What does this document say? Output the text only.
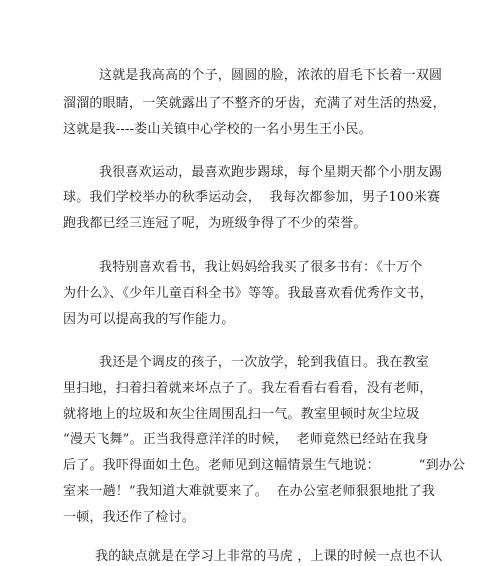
这就是我高高的个子，圆圆的脸，浓浓的眉毛下长着一双圆
溜溜的眼睛，一笑就露出了不整齐的牙齿，充满了对生活的热爱，
这就是我----娄山关镇中心学校的一名小男生王小民。
我很喜欢运动，最喜欢跑步踢球，每个星期天都个小朋友踢
球。我们学校举办的秋季运动会，  我每次都参加，男子100米赛
跑我都已经三连冠了呢，为班级争得了不少的荣誉。
我特别喜欢看书，我让妈妈给我买了很多书有：《十万个
为什么》、《少年儿童百科全书》等等。我最喜欢看优秀作文书，
因为可以提高我的写作能力。
我还是个调皮的孩子，一次放学，轮到我值日。我在教室
里扫地，扫着扫着就来坏点子了。我左看看右看看，没有老师，
就将地上的垃圾和灰尘往周围乱扫一气。教室里顿时灰尘垃圾
“漫天飞舞”。正当我得意洋洋的时候，  老师竟然已经站在我身
后了。我吓得面如土色。老师见到这幅情景生气地说：         “到办公
室来一趟！”我知道大难就要来了。  在办公室老师狠狠地批了我
一顿，我还作了检讨。
我的缺点就是在学习上非常的马虎 ，上课的时候一点也不认
